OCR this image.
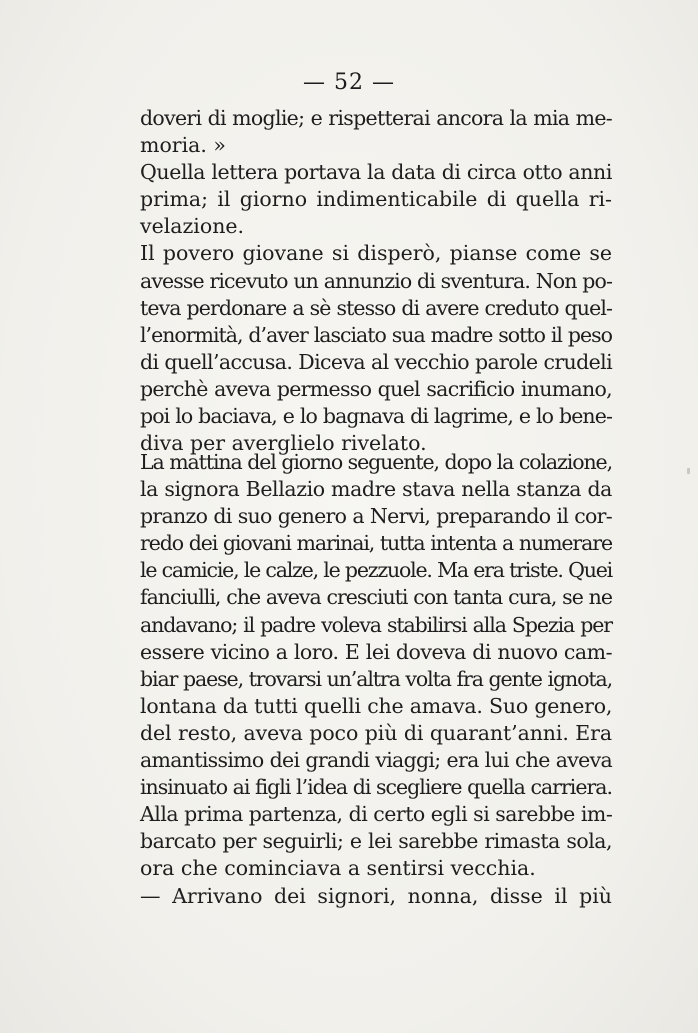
— 52 —
doveri di moglie; e rispetterai ancora la mia me-
moria. »
Quella lettera portava la data di circa otto anni
prima; il giorno indimenticabile di quella ri-
velazione.
Il povero giovane si disperò, pianse come se
avesse ricevuto un annunzio di sventura. Non po-
teva perdonare a sè stesso di avere creduto quel-
l’enormità, d’aver lasciato sua madre sotto il peso
di quell’accusa. Diceva al vecchio parole crudeli
perchè aveva permesso quel sacrificio inumano,
poi lo baciava, e lo bagnava di lagrime, e lo bene-
diva per averglielo rivelato.
La mattina del giorno seguente, dopo la colazione,
la signora Bellazio madre stava nella stanza da
pranzo di suo genero a Nervi, preparando il cor-
redo dei giovani marinai, tutta intenta a numerare
le camicie, le calze, le pezzuole. Ma era triste. Quei
fanciulli, che aveva cresciuti con tanta cura, se ne
andavano; il padre voleva stabilirsi alla Spezia per
essere vicino a loro. E lei doveva di nuovo cam-
biar paese, trovarsi un’altra volta fra gente ignota,
lontana da tutti quelli che amava. Suo genero,
del resto, aveva poco più di quarant’anni. Era
amantissimo dei grandi viaggi; era lui che aveva
insinuato ai figli l’idea di scegliere quella carriera.
Alla prima partenza, di certo egli si sarebbe im-
barcato per seguirli; e lei sarebbe rimasta sola,
ora che cominciava a sentirsi vecchia.
— Arrivano dei signori, nonna, disse il più
